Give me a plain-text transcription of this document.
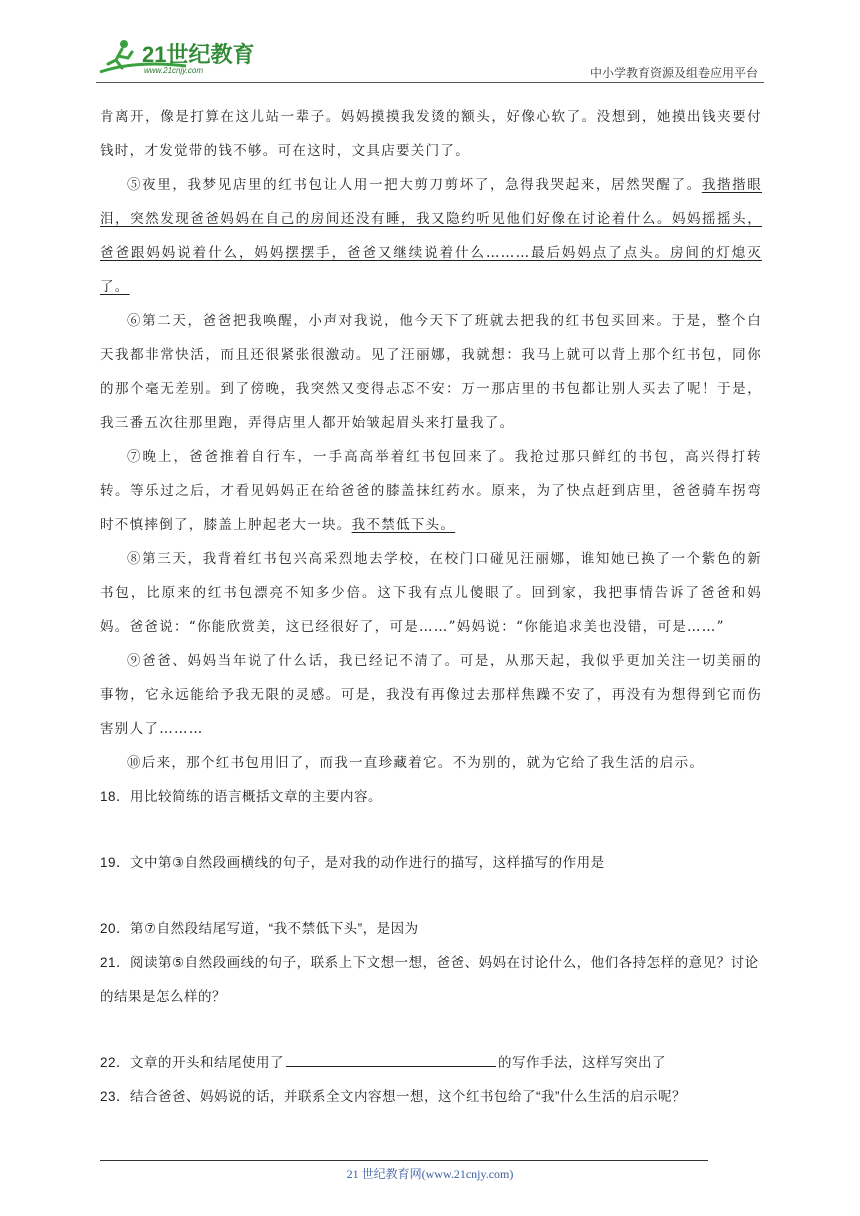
21世纪教育
www.21cnjy.com	中小学教育资源及组卷应用平台

肯离开，像是打算在这儿站一辈子。妈妈摸摸我发烫的额头，好像心软了。没想到，她摸出钱夹要付钱时，才发觉带的钱不够。可在这时，文具店要关门了。

⑤夜里，我梦见店里的红书包让人用一把大剪刀剪坏了，急得我哭起来，居然哭醒了。我揩揩眼泪，突然发现爸爸妈妈在自己的房间还没有睡，我又隐约听见他们好像在讨论着什么。妈妈摇摇头，爸爸跟妈妈说着什么，妈妈摆摆手，爸爸又继续说着什么………最后妈妈点了点头。房间的灯熄灭了。

⑥第二天，爸爸把我唤醒，小声对我说，他今天下了班就去把我的红书包买回来。于是，整个白天我都非常快活，而且还很紧张很激动。见了汪丽娜，我就想：我马上就可以背上那个红书包，同你的那个毫无差别。到了傍晚，我突然又变得忐忑不安：万一那店里的书包都让别人买去了呢！于是，我三番五次往那里跑，弄得店里人都开始皱起眉头来打量我了。

⑦晚上，爸爸推着自行车，一手高高举着红书包回来了。我抢过那只鲜红的书包，高兴得打转转。等乐过之后，才看见妈妈正在给爸爸的膝盖抹红药水。原来，为了快点赶到店里，爸爸骑车拐弯时不慎摔倒了，膝盖上肿起老大一块。我不禁低下头。

⑧第三天，我背着红书包兴高采烈地去学校，在校门口碰见汪丽娜，谁知她已换了一个紫色的新书包，比原来的红书包漂亮不知多少倍。这下我有点儿傻眼了。回到家，我把事情告诉了爸爸和妈妈。爸爸说：“你能欣赏美，这已经很好了，可是……”妈妈说：“你能追求美也没错，可是……”

⑨爸爸、妈妈当年说了什么话，我已经记不清了。可是，从那天起，我似乎更加关注一切美丽的事物，它永远能给予我无限的灵感。可是，我没有再像过去那样焦躁不安了，再没有为想得到它而伤害别人了………

⑩后来，那个红书包用旧了，而我一直珍藏着它。不为别的，就为它给了我生活的启示。

18．用比较简练的语言概括文章的主要内容。

19．文中第③自然段画横线的句子，是对我的动作进行的描写，这样描写的作用是

20．第⑦自然段结尾写道，“我不禁低下头”，是因为

21．阅读第⑤自然段画线的句子，联系上下文想一想，爸爸、妈妈在讨论什么，他们各持怎样的意见？讨论的结果是怎么样的？

22．文章的开头和结尾使用了	的写作手法，这样写突出了

23．结合爸爸、妈妈说的话，并联系全文内容想一想，这个红书包给了“我”什么生活的启示呢？

21 世纪教育网(www.21cnjy.com)
